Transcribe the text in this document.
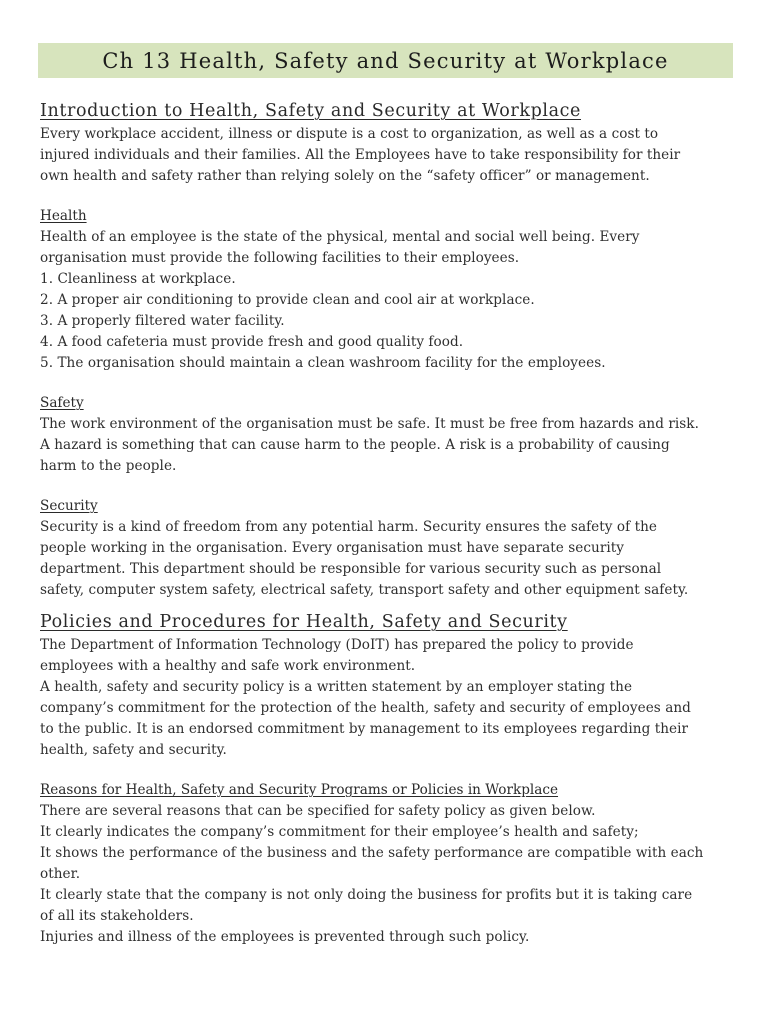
Ch 13 Health, Safety and Security at Workplace
Introduction to Health, Safety and Security at Workplace
Every workplace accident, illness or dispute is a cost to organization, as well as a cost to
injured individuals and their families. All the Employees have to take responsibility for their
own health and safety rather than relying solely on the “safety officer” or management.
Health
Health of an employee is the state of the physical, mental and social well being. Every
organisation must provide the following facilities to their employees.
1. Cleanliness at workplace.
2. A proper air conditioning to provide clean and cool air at workplace.
3. A properly filtered water facility.
4. A food cafeteria must provide fresh and good quality food.
5. The organisation should maintain a clean washroom facility for the employees.
Safety
The work environment of the organisation must be safe. It must be free from hazards and risk.
A hazard is something that can cause harm to the people. A risk is a probability of causing
harm to the people.
Security
Security is a kind of freedom from any potential harm. Security ensures the safety of the
people working in the organisation. Every organisation must have separate security
department. This department should be responsible for various security such as personal
safety, computer system safety, electrical safety, transport safety and other equipment safety.
Policies and Procedures for Health, Safety and Security
The Department of Information Technology (DoIT) has prepared the policy to provide
employees with a healthy and safe work environment.
A health, safety and security policy is a written statement by an employer stating the
company’s commitment for the protection of the health, safety and security of employees and
to the public. It is an endorsed commitment by management to its employees regarding their
health, safety and security.
Reasons for Health, Safety and Security Programs or Policies in Workplace
There are several reasons that can be specified for safety policy as given below.
It clearly indicates the company’s commitment for their employee’s health and safety;
It shows the performance of the business and the safety performance are compatible with each
other.
It clearly state that the company is not only doing the business for profits but it is taking care
of all its stakeholders.
Injuries and illness of the employees is prevented through such policy.
